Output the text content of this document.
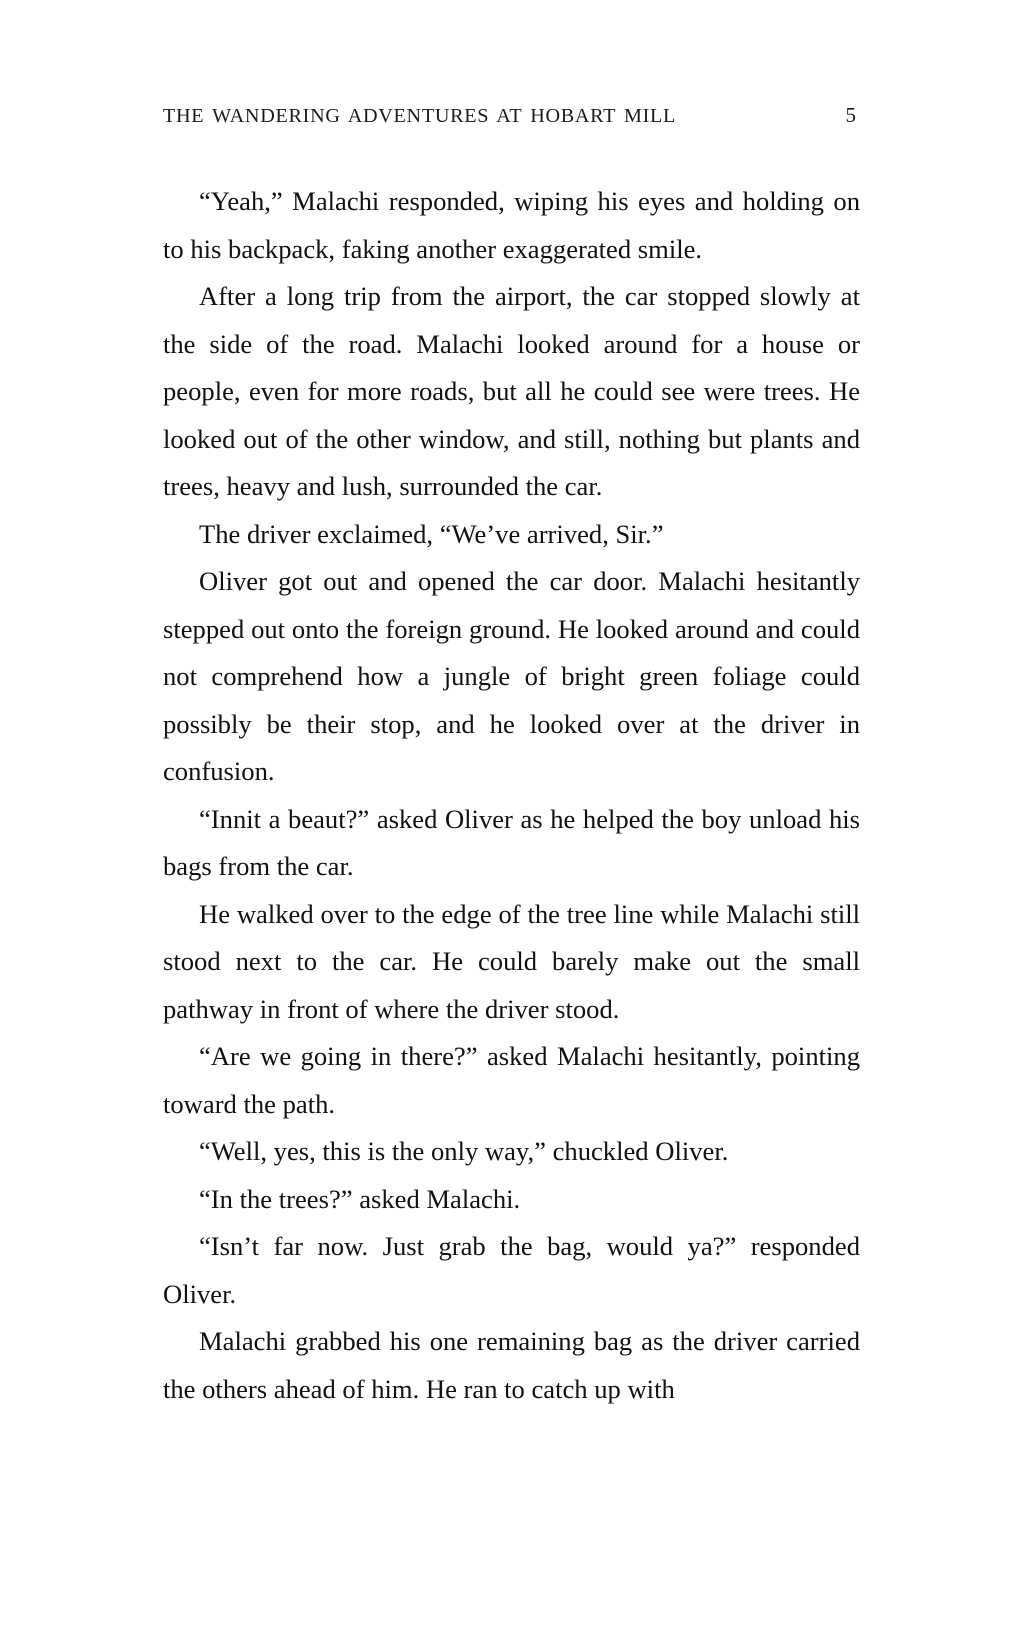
THE WANDERING ADVENTURES AT HOBART MILL	5

“Yeah,” Malachi responded, wiping his eyes and holding on to his backpack, faking another exaggerated smile.

After a long trip from the airport, the car stopped slowly at the side of the road. Malachi looked around for a house or people, even for more roads, but all he could see were trees. He looked out of the other window, and still, nothing but plants and trees, heavy and lush, surrounded the car.

The driver exclaimed, “We’ve arrived, Sir.”

Oliver got out and opened the car door. Malachi hesitantly stepped out onto the foreign ground. He looked around and could not comprehend how a jungle of bright green foliage could possibly be their stop, and he looked over at the driver in confusion.

“Innit a beaut?” asked Oliver as he helped the boy unload his bags from the car.

He walked over to the edge of the tree line while Malachi still stood next to the car. He could barely make out the small pathway in front of where the driver stood.

“Are we going in there?” asked Malachi hesitantly, pointing toward the path.

“Well, yes, this is the only way,” chuckled Oliver.

“In the trees?” asked Malachi.

“Isn’t far now. Just grab the bag, would ya?” responded Oliver.

Malachi grabbed his one remaining bag as the driver carried the others ahead of him. He ran to catch up with
